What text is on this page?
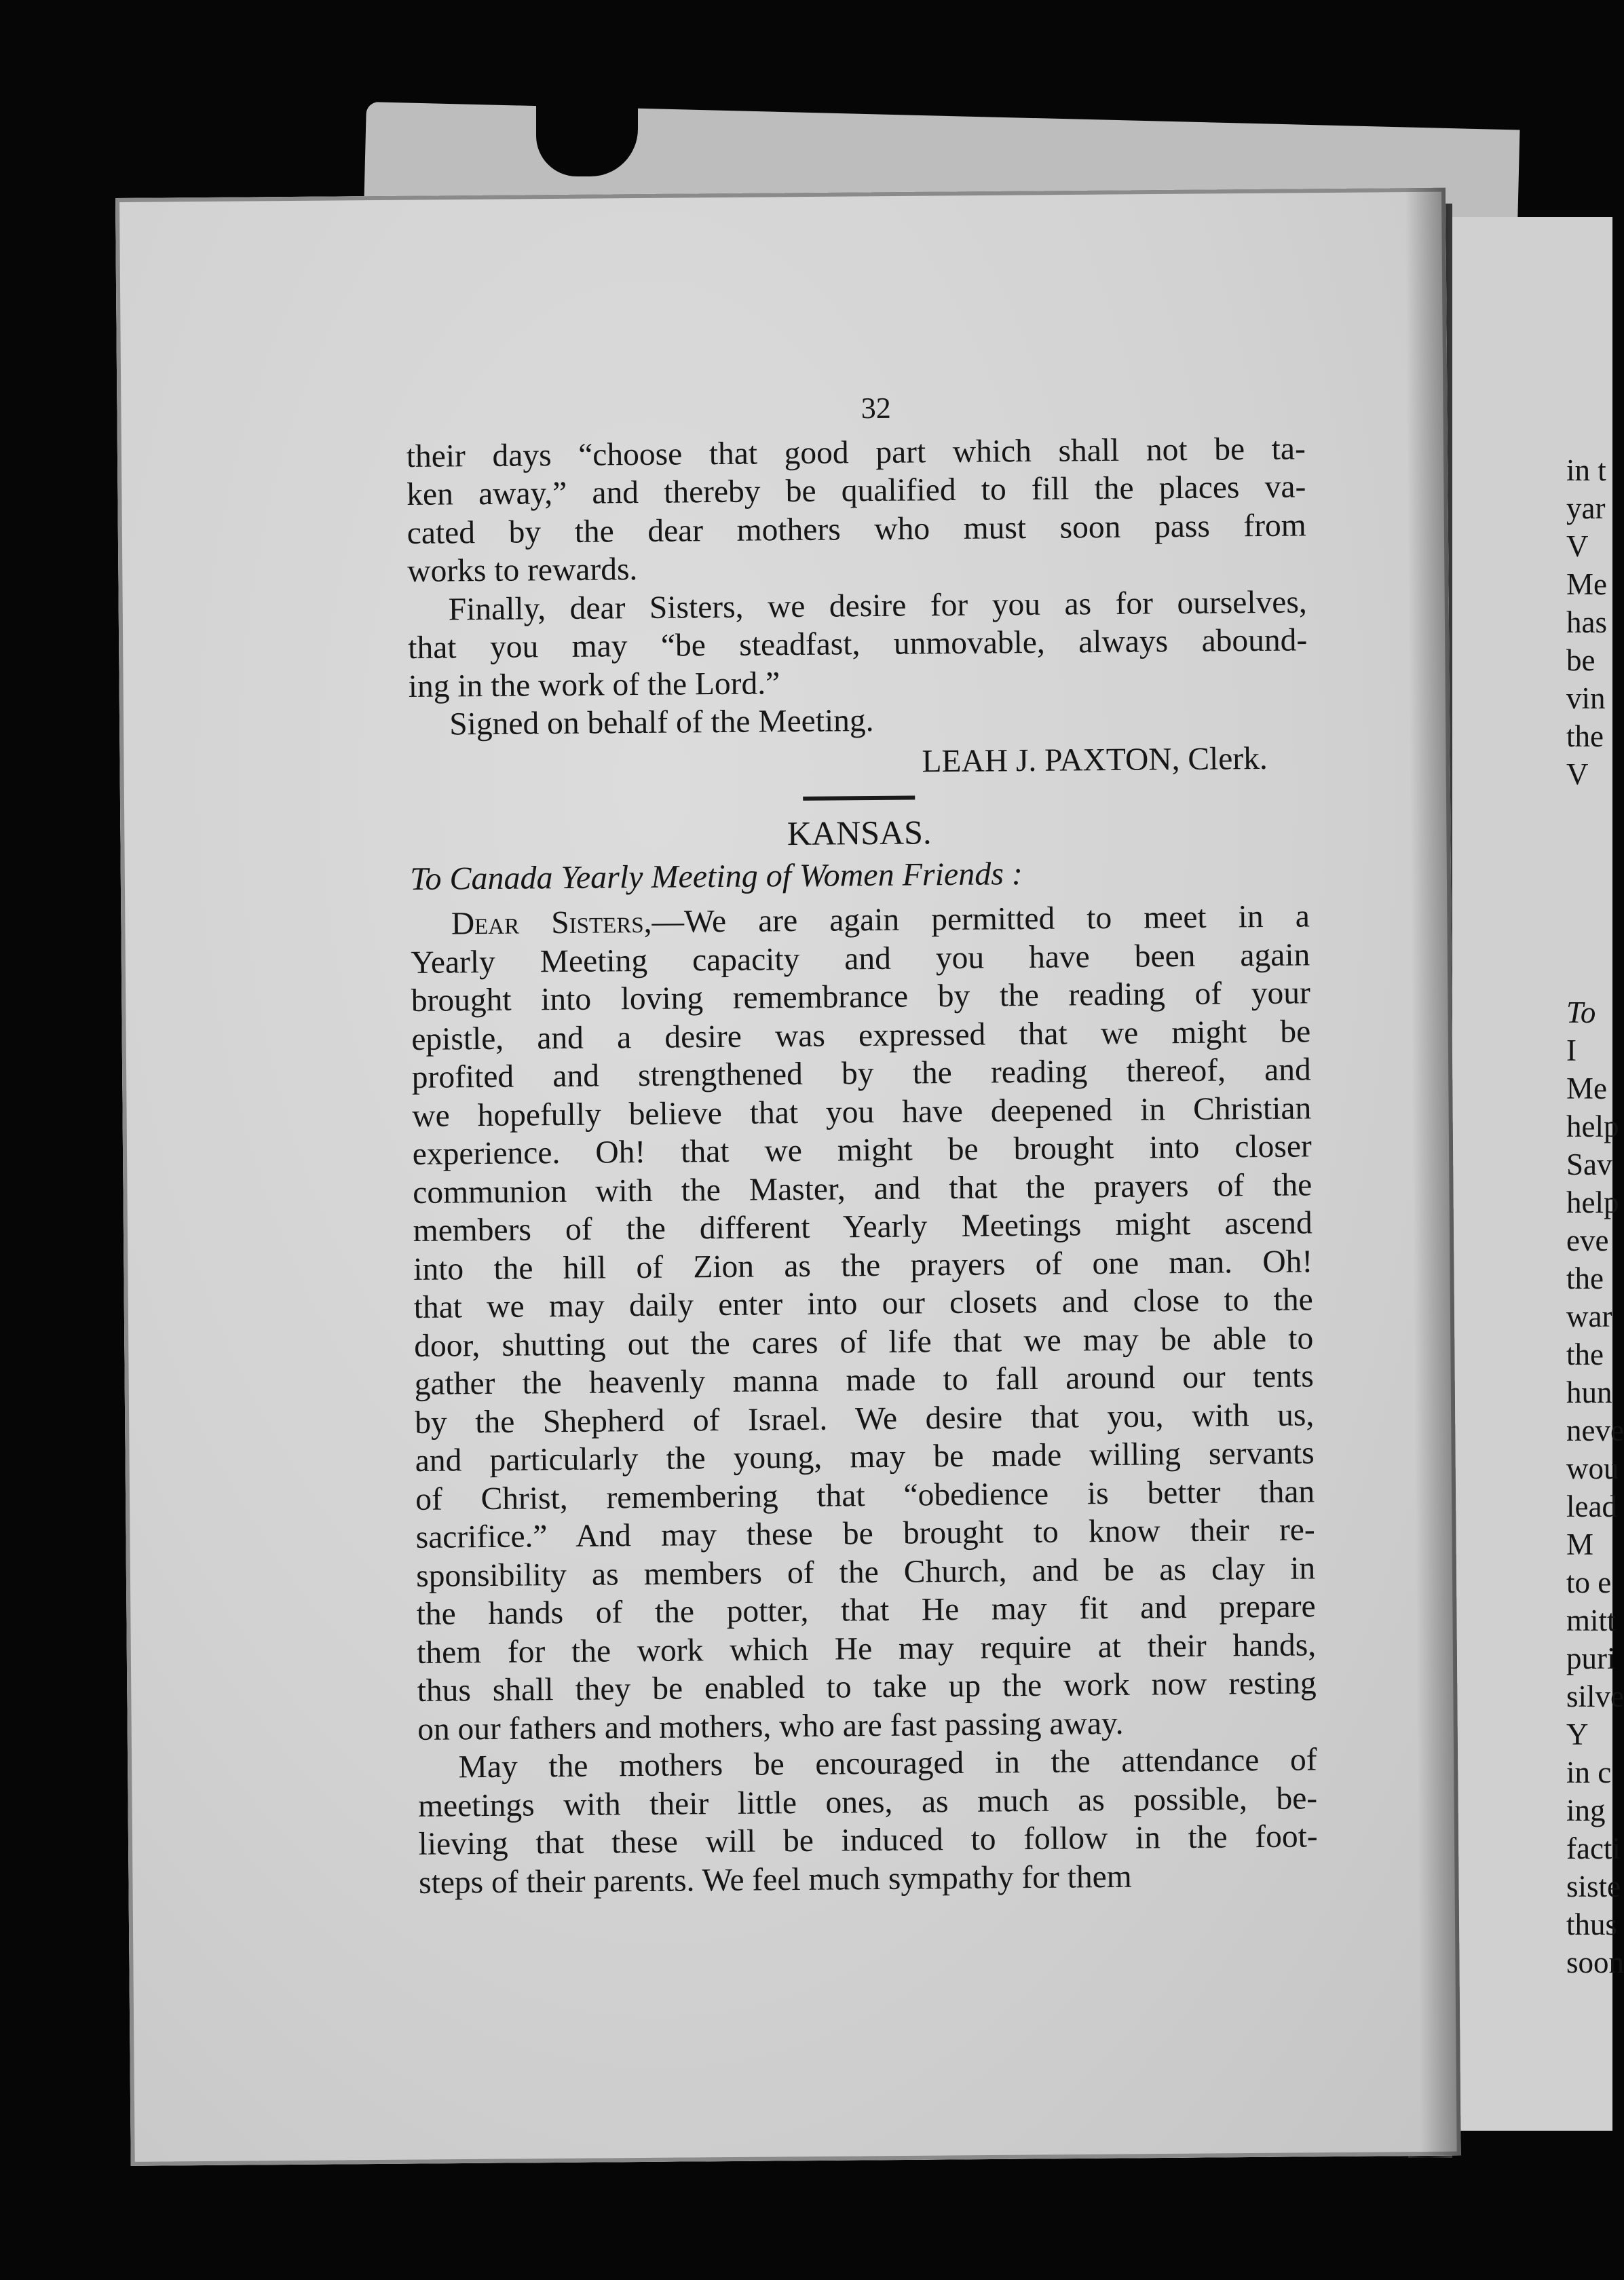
in t
yar
V
Me
has
be
vin
the
V
To
I
Me
help
Sav
help
eve
the
war
the
hun
neve
wou
lead
M
to e
mitt
puri
silve
Y
in c
ing
facti
siste
thus
soon
32
their days “choose that good part which shall not be ta-
ken away,” and thereby be qualified to fill the places va-
cated by the dear mothers who must soon pass from
works to rewards.
Finally, dear Sisters, we desire for you as for ourselves,
that you may “be steadfast, unmovable, always abound-
ing in the work of the Lord.”
Signed on behalf of the Meeting.
LEAH J. PAXTON, Clerk.
KANSAS.
To Canada Yearly Meeting of Women Friends :
Dear Sisters,—We are again permitted to meet in a
Yearly Meeting capacity and you have been again
brought into loving remembrance by the reading of your
epistle, and a desire was expressed that we might be
profited and strengthened by the reading thereof, and
we hopefully believe that you have deepened in Christian
experience. Oh! that we might be brought into closer
communion with the Master, and that the prayers of the
members of the different Yearly Meetings might ascend
into the hill of Zion as the prayers of one man. Oh!
that we may daily enter into our closets and close to the
door, shutting out the cares of life that we may be able to
gather the heavenly manna made to fall around our tents
by the Shepherd of Israel. We desire that you, with us,
and particularly the young, may be made willing servants
of Christ, remembering that “obedience is better than
sacrifice.” And may these be brought to know their re-
sponsibility as members of the Church, and be as clay in
the hands of the potter, that He may fit and prepare
them for the work which He may require at their hands,
thus shall they be enabled to take up the work now resting
on our fathers and mothers, who are fast passing away.
May the mothers be encouraged in the attendance of
meetings with their little ones, as much as possible, be-
lieving that these will be induced to follow in the foot-
steps of their parents. We feel much sympathy for them
